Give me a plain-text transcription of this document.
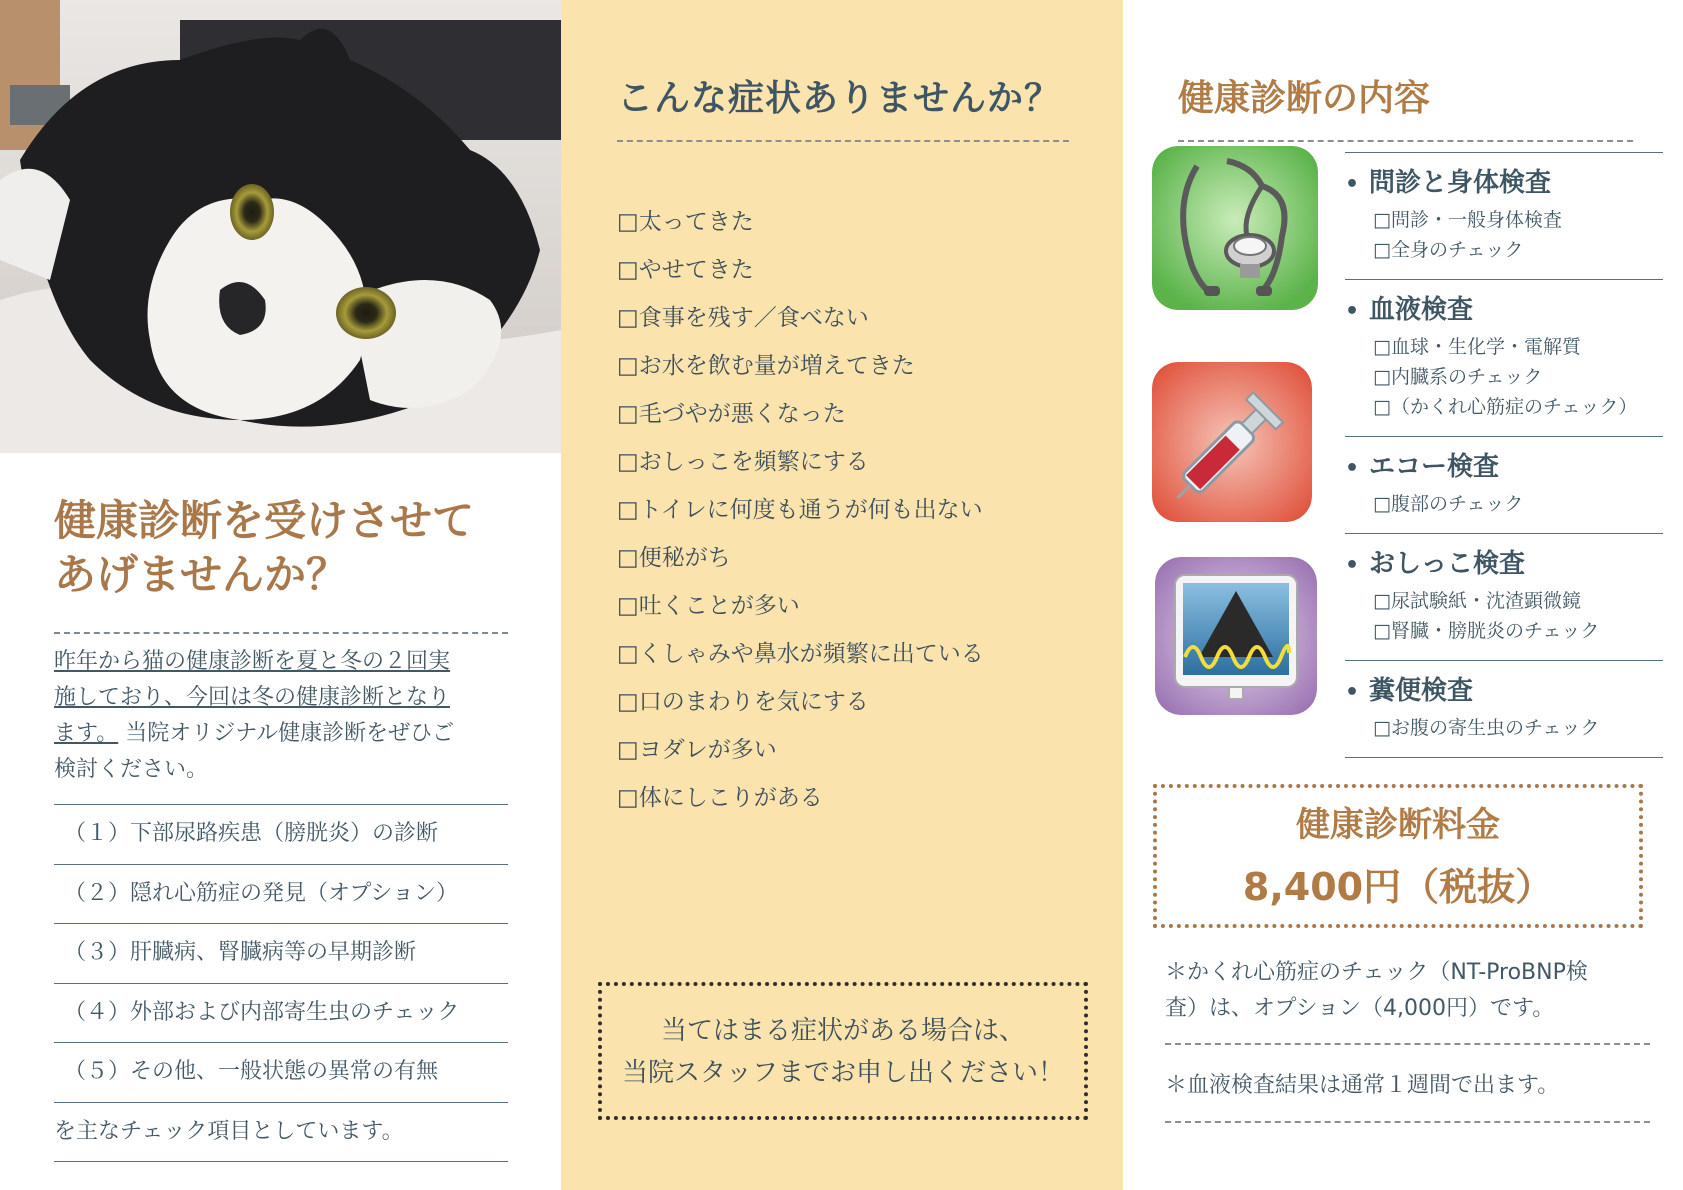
健康診断を受けさせて
あげませんか？

昨年から猫の健康診断を夏と冬の２回実
施しており、今回は冬の健康診断となり
ます。 当院オリジナル健康診断をぜひご
検討ください。

（１）下部尿路疾患（膀胱炎）の診断
（２）隠れ心筋症の発見（オプション）
（３）肝臓病、腎臓病等の早期診断
（４）外部および内部寄生虫のチェック
（５）その他、一般状態の異常の有無
を主なチェック項目としています。
こんな症状ありませんか？
□太ってきた
□やせてきた
□食事を残す／食べない
□お水を飲む量が増えてきた
□毛づやが悪くなった
□おしっこを頻繁にする
□トイレに何度も通うが何も出ない
□便秘がち
□吐くことが多い
□くしゃみや鼻水が頻繁に出ている
□口のまわりを気にする
□ヨダレが多い
□体にしこりがある
当てはまる症状がある場合は、
当院スタッフまでお申し出ください！
健康診断の内容
• 問診と身体検査
□問診・一般身体検査
□全身のチェック
• 血液検査
□血球・生化学・電解質
□内臓系のチェック
□（かくれ心筋症のチェック）
• エコー検査
□腹部のチェック
• おしっこ検査
□尿試験紙・沈渣顕微鏡
□腎臓・膀胱炎のチェック
• 糞便検査
□お腹の寄生虫のチェック
健康診断料金
8,400円（税抜）

＊かくれ心筋症のチェック（NT-ProBNP検
査）は、オプション（4,000円）です。

＊血液検査結果は通常１週間で出ます。
